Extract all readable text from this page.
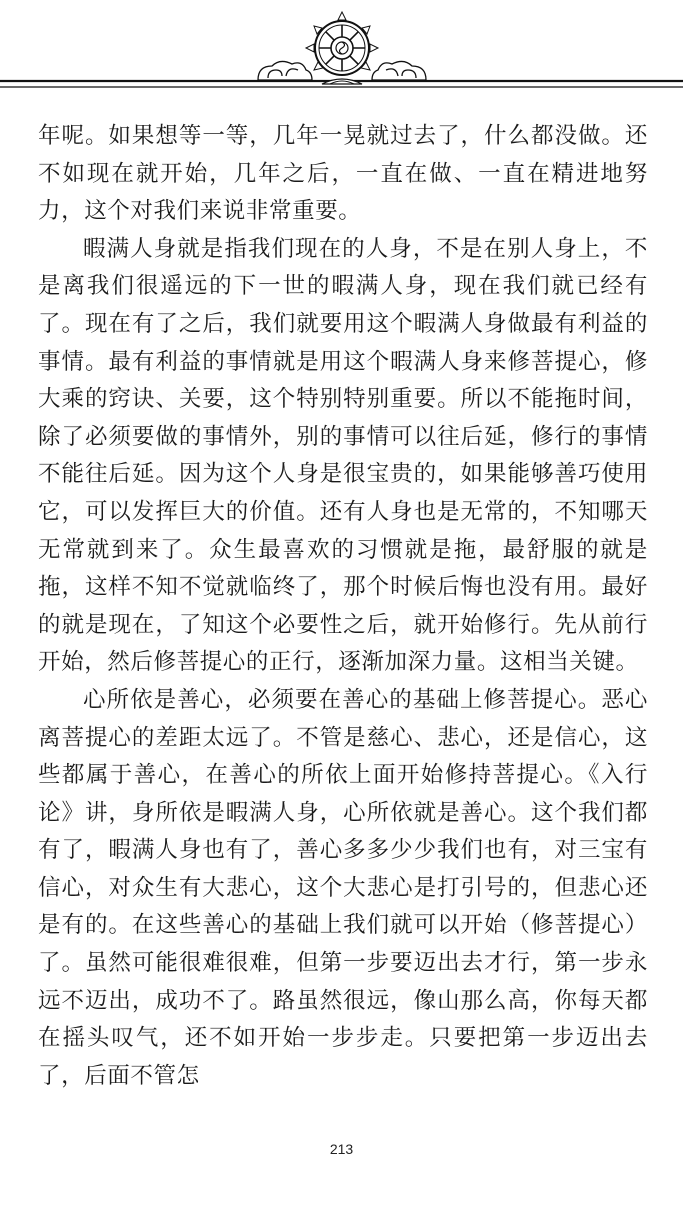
年呢。如果想等一等，几年一晃就过去了，什么都没做。还不如现在就开始，几年之后，一直在做、一直在精进地努力，这个对我们来说非常重要。

暇满人身就是指我们现在的人身，不是在别人身上，不是离我们很遥远的下一世的暇满人身，现在我们就已经有了。现在有了之后，我们就要用这个暇满人身做最有利益的事情。最有利益的事情就是用这个暇满人身来修菩提心，修大乘的窍诀、关要，这个特别特别重要。所以不能拖时间，除了必须要做的事情外，别的事情可以往后延，修行的事情不能往后延。因为这个人身是很宝贵的，如果能够善巧使用它，可以发挥巨大的价值。还有人身也是无常的，不知哪天无常就到来了。众生最喜欢的习惯就是拖，最舒服的就是拖，这样不知不觉就临终了，那个时候后悔也没有用。最好的就是现在，了知这个必要性之后，就开始修行。先从前行开始，然后修菩提心的正行，逐渐加深力量。这相当关键。

心所依是善心，必须要在善心的基础上修菩提心。恶心离菩提心的差距太远了。不管是慈心、悲心，还是信心，这些都属于善心，在善心的所依上面开始修持菩提心。《入行论》讲，身所依是暇满人身，心所依就是善心。这个我们都有了，暇满人身也有了，善心多多少少我们也有，对三宝有信心，对众生有大悲心，这个大悲心是打引号的，但悲心还是有的。在这些善心的基础上我们就可以开始（修菩提心）了。虽然可能很难很难，但第一步要迈出去才行，第一步永远不迈出，成功不了。路虽然很远，像山那么高，你每天都在摇头叹气，还不如开始一步步走。只要把第一步迈出去了，后面不管怎

213
